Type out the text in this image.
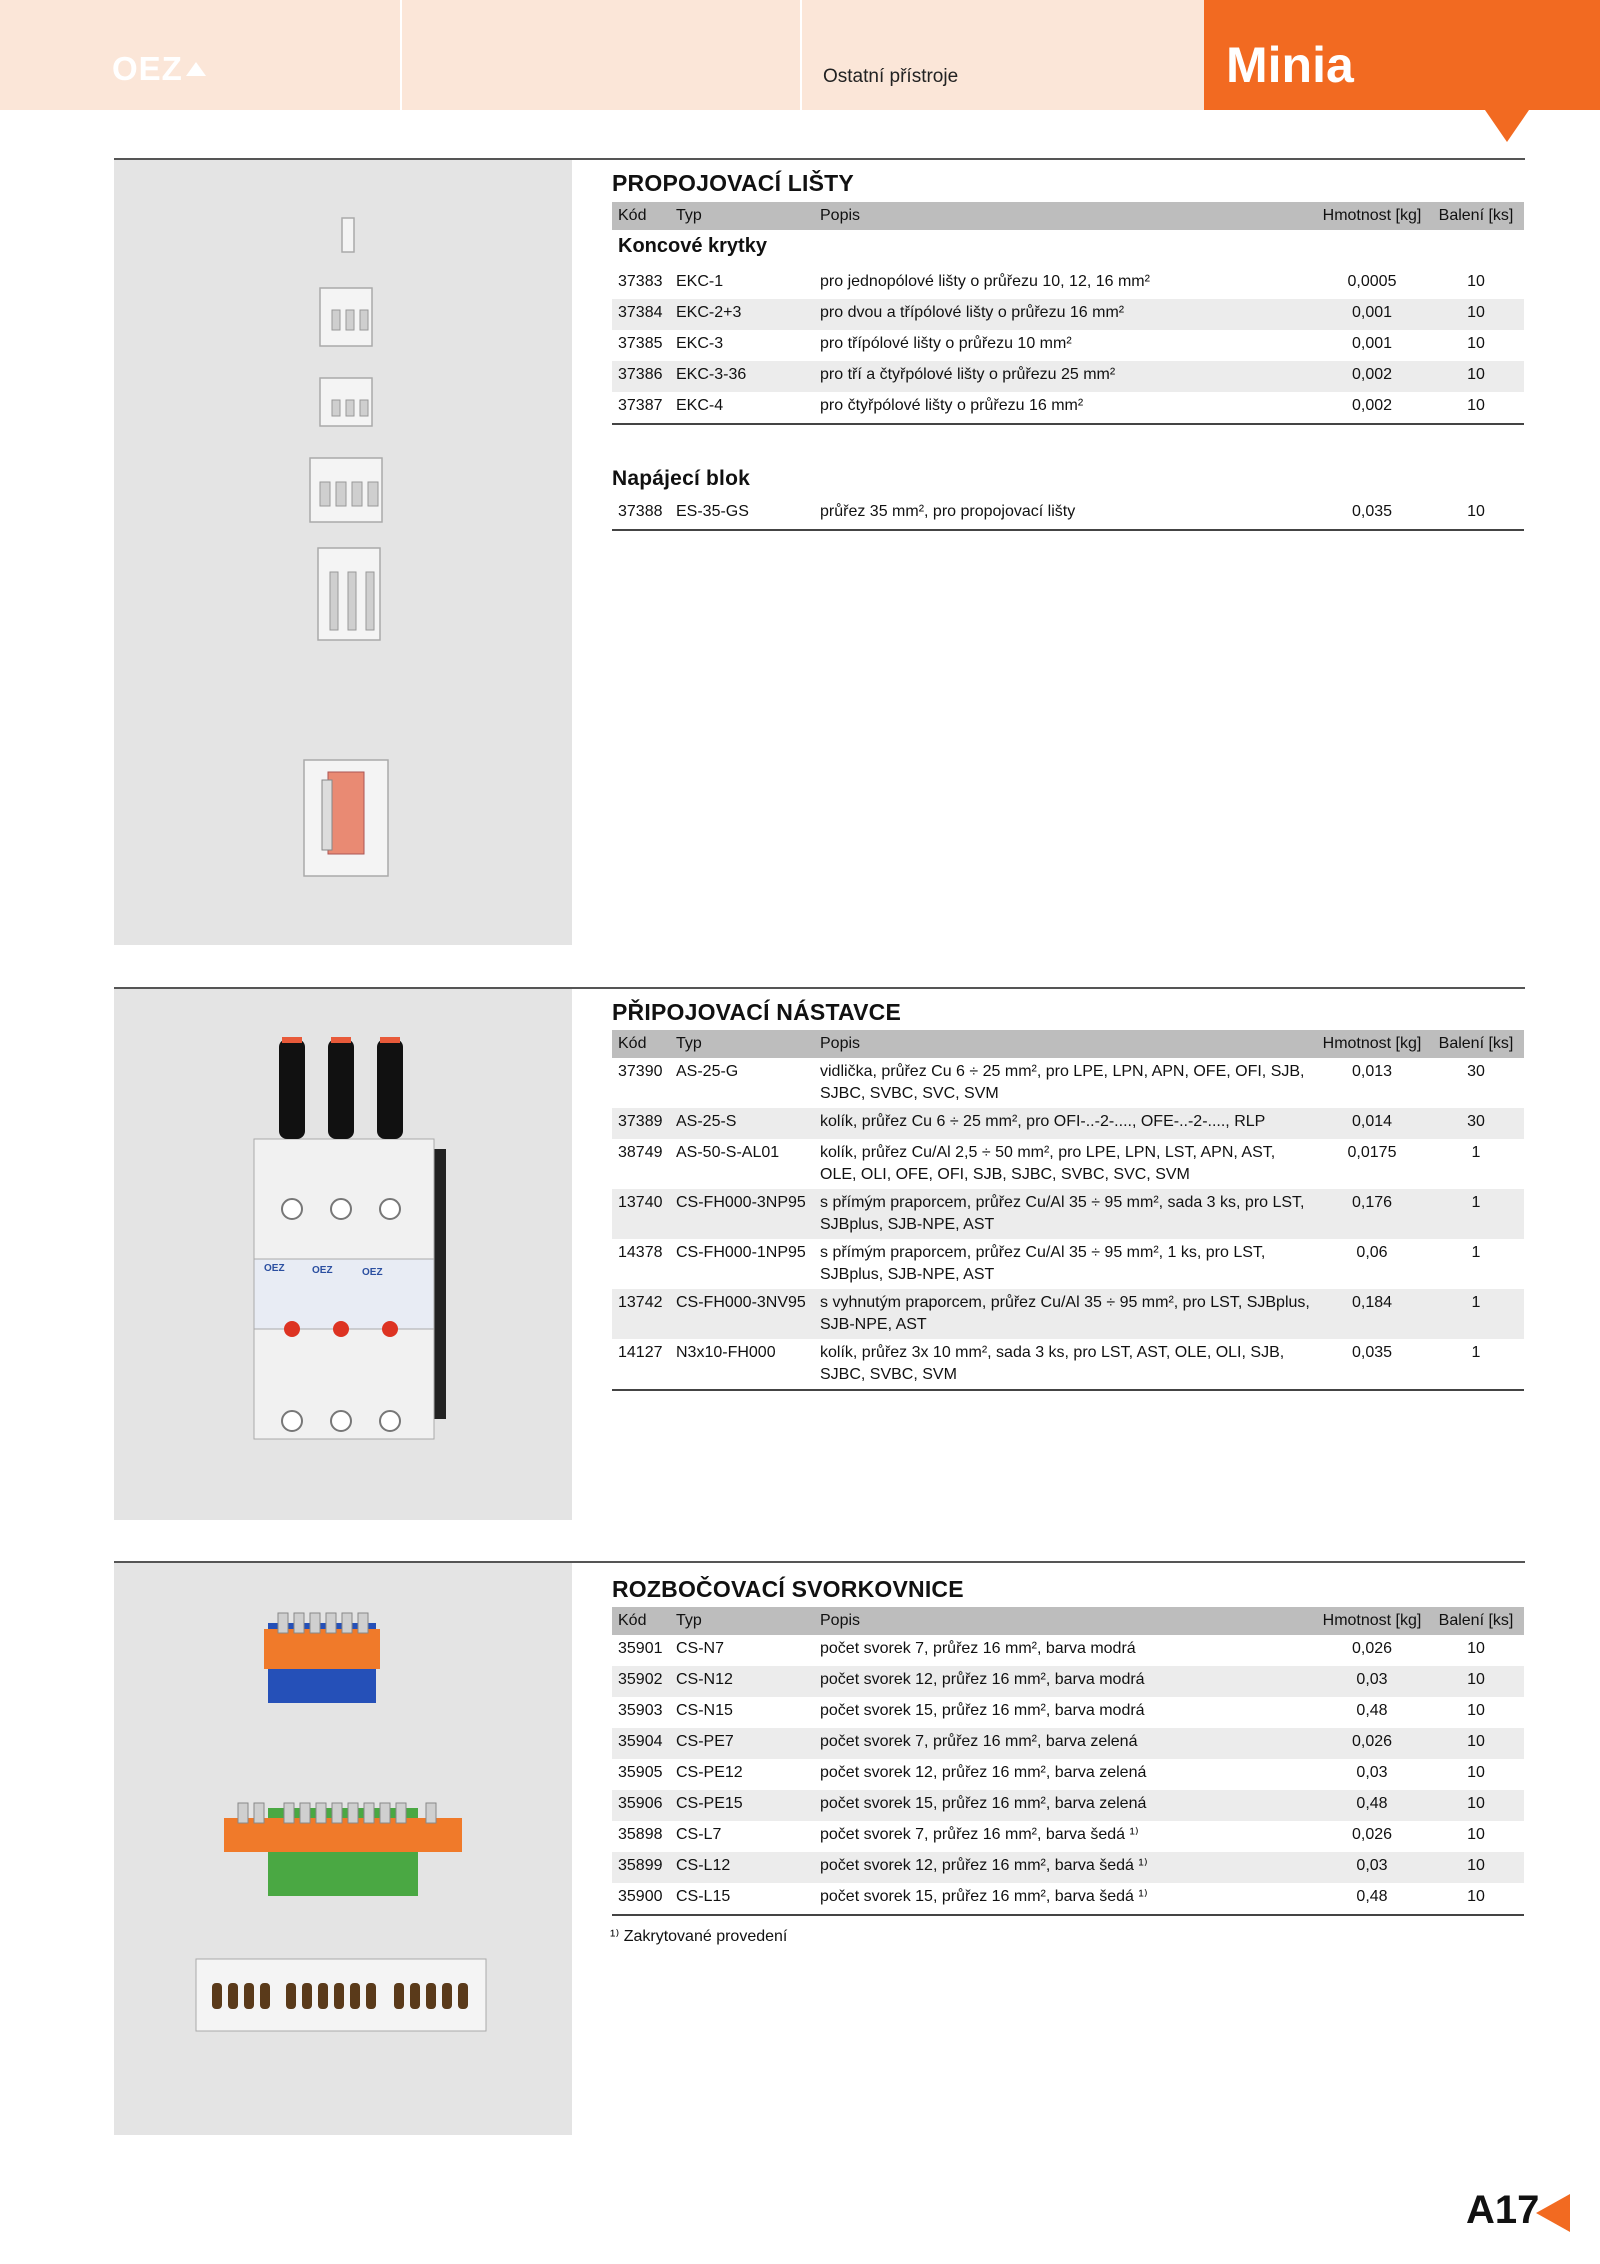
OEZ	Ostatní přístroje	Minia
PROPOJOVACÍ LIŠTY
Kód	Typ	Popis	Hmotnost [kg]	Balení [ks]
Koncové krytky				
37383	EKC-1	pro jednopólové lišty o průřezu 10, 12, 16 mm²	0,0005	10
37384	EKC-2+3	pro dvou a třípólové lišty o průřezu 16 mm²	0,001	10
37385	EKC-3	pro třípólové lišty o průřezu 10 mm²	0,001	10
37386	EKC-3-36	pro tří a čtyřpólové lišty o průřezu 25 mm²	0,002	10
37387	EKC-4	pro čtyřpólové lišty o průřezu 16 mm²	0,002	10
Napájecí blok
37388	ES-35-GS	průřez 35 mm², pro propojovací lišty	0,035	10
OEZ	OEZ	OEZ
PŘIPOJOVACÍ NÁSTAVCE
Kód	Typ	Popis	Hmotnost [kg]	Balení [ks]
37390	AS-25-G	vidlička, průřez Cu 6 ÷ 25 mm², pro LPE, LPN, APN, OFE, OFI, SJB, SJBC, SVBC, SVC, SVM	0,013	30
37389	AS-25-S	kolík, průřez Cu 6 ÷ 25 mm², pro OFI-..-2-...., OFE-..-2-...., RLP	0,014	30
38749	AS-50-S-AL01	kolík, průřez Cu/Al 2,5 ÷ 50 mm², pro LPE, LPN, LST, APN, AST, OLE, OLI, OFE, OFI, SJB, SJBC, SVBC, SVC, SVM	0,0175	1
13740	CS-FH000-3NP95	s přímým praporcem, průřez Cu/Al 35 ÷ 95 mm², sada 3 ks, pro LST, SJBplus, SJB-NPE, AST	0,176	1
14378	CS-FH000-1NP95	s přímým praporcem, průřez Cu/Al 35 ÷ 95 mm², 1 ks, pro LST, SJBplus, SJB-NPE, AST	0,06	1
13742	CS-FH000-3NV95	s vyhnutým praporcem, průřez Cu/Al 35 ÷ 95 mm², pro LST, SJBplus, SJB-NPE, AST	0,184	1
14127	N3x10-FH000	kolík, průřez 3x 10 mm², sada 3 ks, pro LST, AST, OLE, OLI, SJB, SJBC, SVBC, SVM	0,035	1
ROZBOČOVACÍ SVORKOVNICE
Kód	Typ	Popis	Hmotnost [kg]	Balení [ks]
35901	CS-N7	počet svorek 7, průřez 16 mm², barva modrá	0,026	10
35902	CS-N12	počet svorek 12, průřez 16 mm², barva modrá	0,03	10
35903	CS-N15	počet svorek 15, průřez 16 mm², barva modrá	0,48	10
35904	CS-PE7	počet svorek 7, průřez 16 mm², barva zelená	0,026	10
35905	CS-PE12	počet svorek 12, průřez 16 mm², barva zelená	0,03	10
35906	CS-PE15	počet svorek 15, průřez 16 mm², barva zelená	0,48	10
35898	CS-L7	počet svorek 7, průřez 16 mm², barva šedá ¹⁾	0,026	10
35899	CS-L12	počet svorek 12, průřez 16 mm², barva šedá ¹⁾	0,03	10
35900	CS-L15	počet svorek 15, průřez 16 mm², barva šedá ¹⁾	0,48	10
¹⁾ Zakrytované provedení
A17
